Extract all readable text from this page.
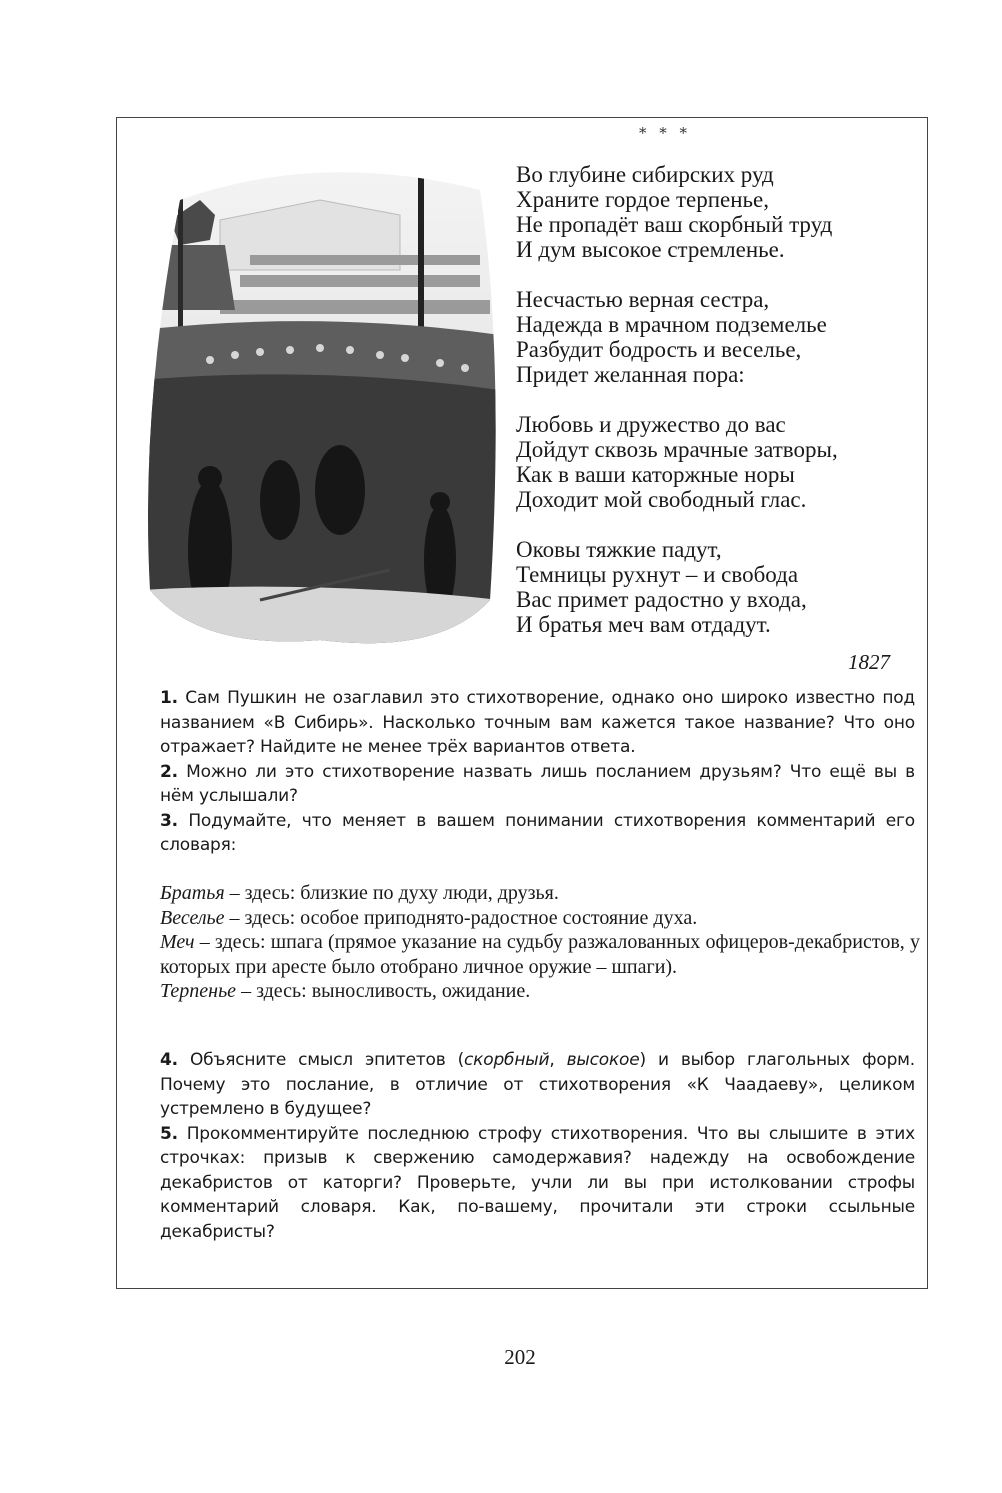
* * *
Во глубине сибирских руд
Храните гордое терпенье,
Не пропадёт ваш скорбный труд
И дум высокое стремленье.
Несчастью верная сестра,
Надежда в мрачном подземелье
Разбудит бодрость и веселье,
Придет желанная пора:
Любовь и дружество до вас
Дойдут сквозь мрачные затворы,
Как в ваши каторжные норы
Доходит мой свободный глас.
Оковы тяжкие падут,
Темницы рухнут – и свобода
Вас примет радостно у входа,
И братья меч вам отдадут.
1827

1. Сам Пушкин не озаглавил это стихотворение, однако оно широко известно под названием «В Сибирь». Насколько точным вам кажется такое название? Что оно отражает? Найдите не менее трёх вариантов ответа.

2. Можно ли это стихотворение назвать лишь посланием друзьям? Что ещё вы в нём услышали?

3. Подумайте, что меняет в вашем понимании стихотворения комментарий его словаря:

Братья – здесь: близкие по духу люди, друзья.

Веселье – здесь: особое приподнято-радостное состояние духа.

Меч – здесь: шпага (прямое указание на судьбу разжалованных офицеров-декабристов, у которых при аресте было отобрано личное оружие – шпаги).

Терпенье – здесь: выносливость, ожидание.

4. Объясните смысл эпитетов (скорбный, высокое) и выбор глагольных форм. Почему это послание, в отличие от стихотворения «К Чаадаеву», целиком устремлено в будущее?

5. Прокомментируйте последнюю строфу стихотворения. Что вы слышите в этих строчках: призыв к свержению самодержавия? надежду на освобождение декабристов от каторги? Проверьте, учли ли вы при истолковании строфы комментарий словаря. Как, по-вашему, прочитали эти строки ссыльные декабристы?

202
